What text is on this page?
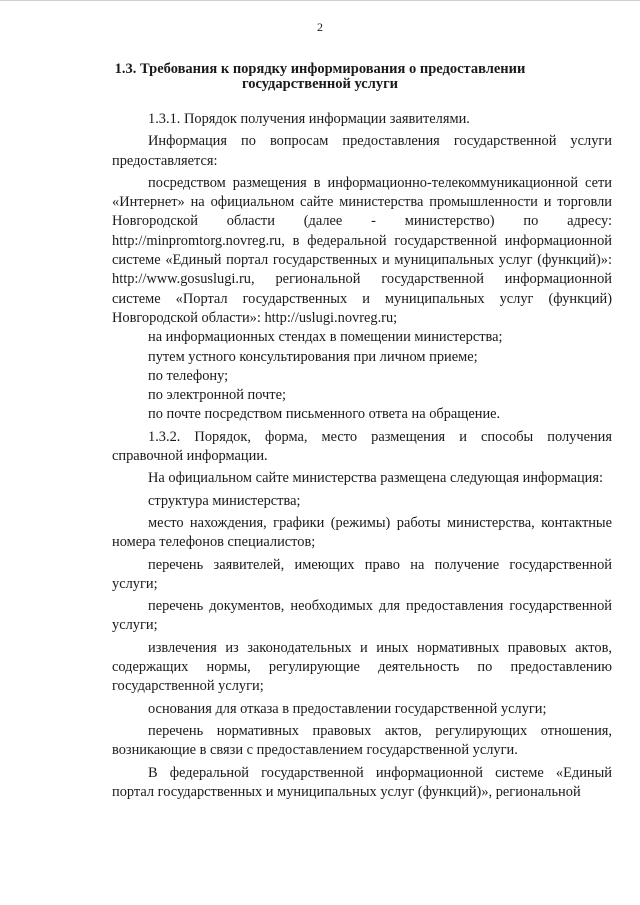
2
1.3. Требования к порядку информирования о предоставлении
государственной услуги

1.3.1. Порядок получения информации заявителями.

Информация по вопросам предоставления государственной услуги предоставляется:

посредством размещения в информационно-телекоммуникационной сети «Интернет» на официальном сайте министерства промышленности и торговли Новгородской области (далее - министерство) по адресу: http://minpromtorg.novreg.ru, в федеральной государственной информационной системе «Единый портал государственных и муниципальных услуг (функций)»: http://www.gosuslugi.ru, региональной государственной информационной системе «Портал государственных и муниципальных услуг (функций) Новгородской области»: http://uslugi.novreg.ru;

на информационных стендах в помещении министерства;

путем устного консультирования при личном приеме;

по телефону;

по электронной почте;

по почте посредством письменного ответа на обращение.

1.3.2. Порядок, форма, место размещения и способы получения справочной информации.

На официальном сайте министерства размещена следующая информация:

структура министерства;

место нахождения, графики (режимы) работы министерства, контактные номера телефонов специалистов;

перечень заявителей, имеющих право на получение государственной услуги;

перечень документов, необходимых для предоставления государственной услуги;

извлечения из законодательных и иных нормативных правовых актов, содержащих нормы, регулирующие деятельность по предоставлению государственной услуги;

основания для отказа в предоставлении государственной услуги;

перечень нормативных правовых актов, регулирующих отношения, возникающие в связи с предоставлением государственной услуги.

В федеральной государственной информационной системе «Единый портал государственных и муниципальных услуг (функций)», региональной
